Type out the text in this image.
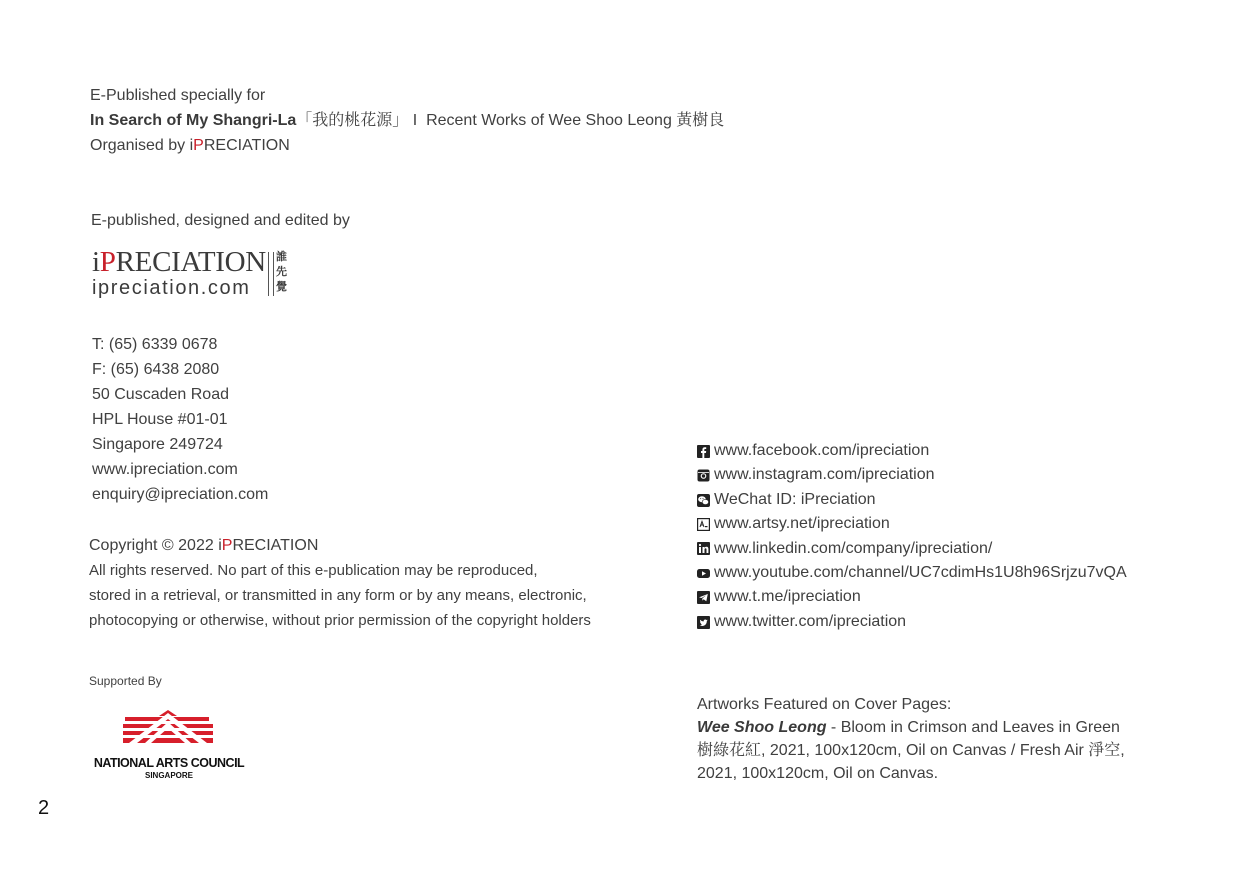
E-Published specially for
In Search of My Shangri-La「我的桃花源」 I Recent Works of Wee Shoo Leong 黃樹良
Organised by iPRECIATION
E-published, designed and edited by
iPRECIATION
ipreciation.com
誰先覺
T: (65) 6339 0678
F: (65) 6438 2080
50 Cuscaden Road
HPL House #01-01
Singapore 249724
www.ipreciation.com
enquiry@ipreciation.com
Copyright © 2022 iPRECIATION
All rights reserved. No part of this e-publication may be reproduced,
stored in a retrieval, or transmitted in any form or by any means, electronic,
photocopying or otherwise, without prior permission of the copyright holders
Supported By
NATIONAL ARTS COUNCIL
SINGAPORE
2
www.facebook.com/ipreciation
www.instagram.com/ipreciation
WeChat ID: iPreciation
www.artsy.net/ipreciation
www.linkedin.com/company/ipreciation/
www.youtube.com/channel/UC7cdimHs1U8h96Srjzu7vQA
www.t.me/ipreciation
www.twitter.com/ipreciation
Artworks Featured on Cover Pages:
Wee Shoo Leong - Bloom in Crimson and Leaves in Green
樹綠花紅, 2021, 100x120cm, Oil on Canvas / Fresh Air 淨空,
2021, 100x120cm, Oil on Canvas.
